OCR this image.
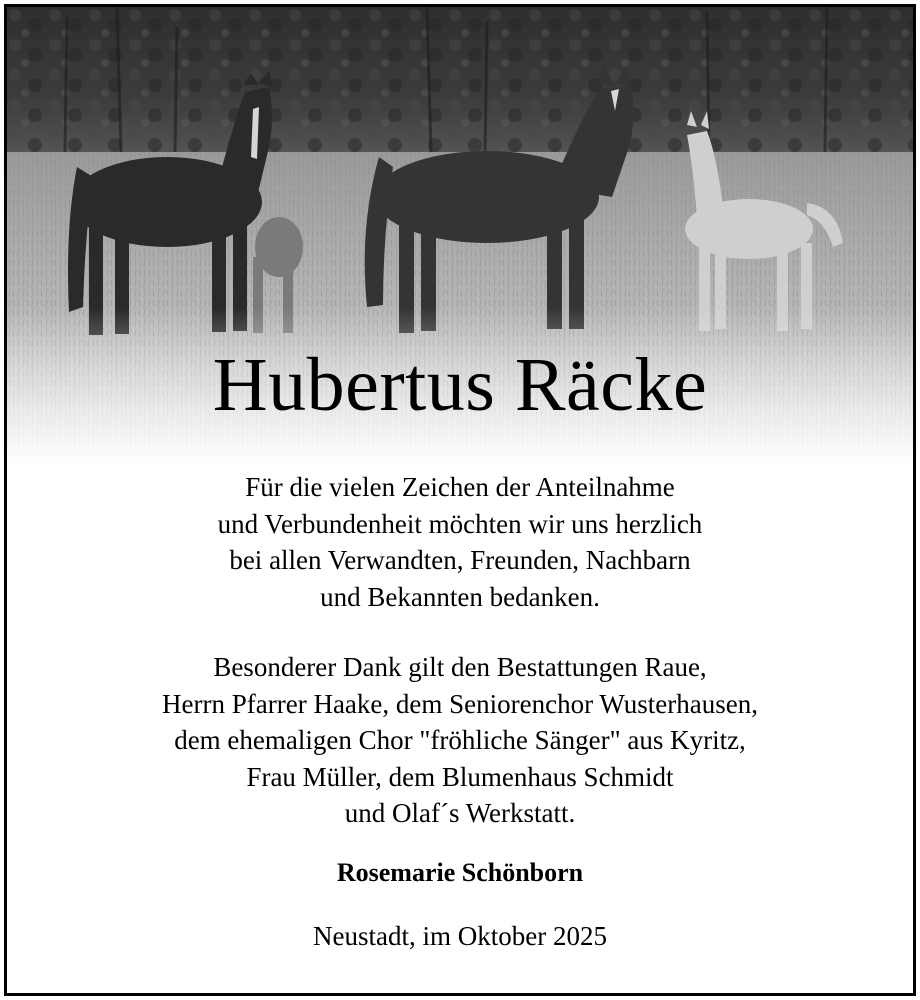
Hubertus Räcke
Für die vielen Zeichen der Anteilnahme
und Verbundenheit möchten wir uns herzlich
bei allen Verwandten, Freunden, Nachbarn
und Bekannten bedanken.
Besonderer Dank gilt den Bestattungen Raue,
Herrn Pfarrer Haake, dem Seniorenchor Wusterhausen,
dem ehemaligen Chor "fröhliche Sänger" aus Kyritz,
Frau Müller, dem Blumenhaus Schmidt
und Olaf´s Werkstatt.
Rosemarie Schönborn
Neustadt, im Oktober 2025
